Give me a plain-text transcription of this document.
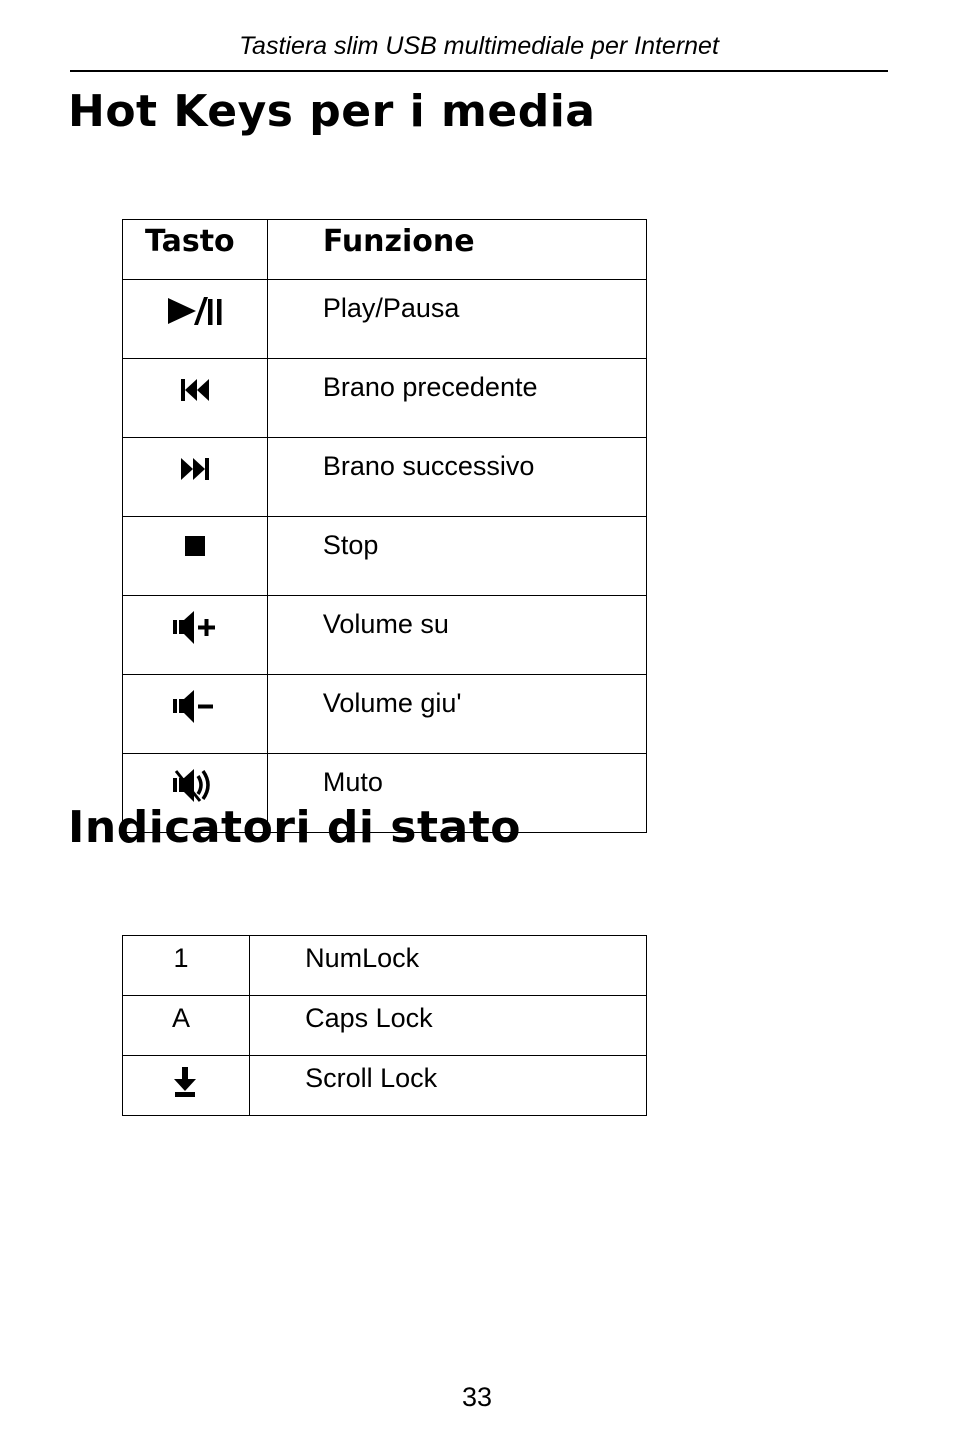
Tastiera slim USB multimediale per Internet
Hot Keys per i media
Tasto	Funzione

	Play/Pausa

	Brano precedente

	Brano successivo

	Stop

	Volume su

	Volume giu'

	Muto
Indicatori di stato
1	NumLock
A	Caps Lock

	Scroll Lock
33
